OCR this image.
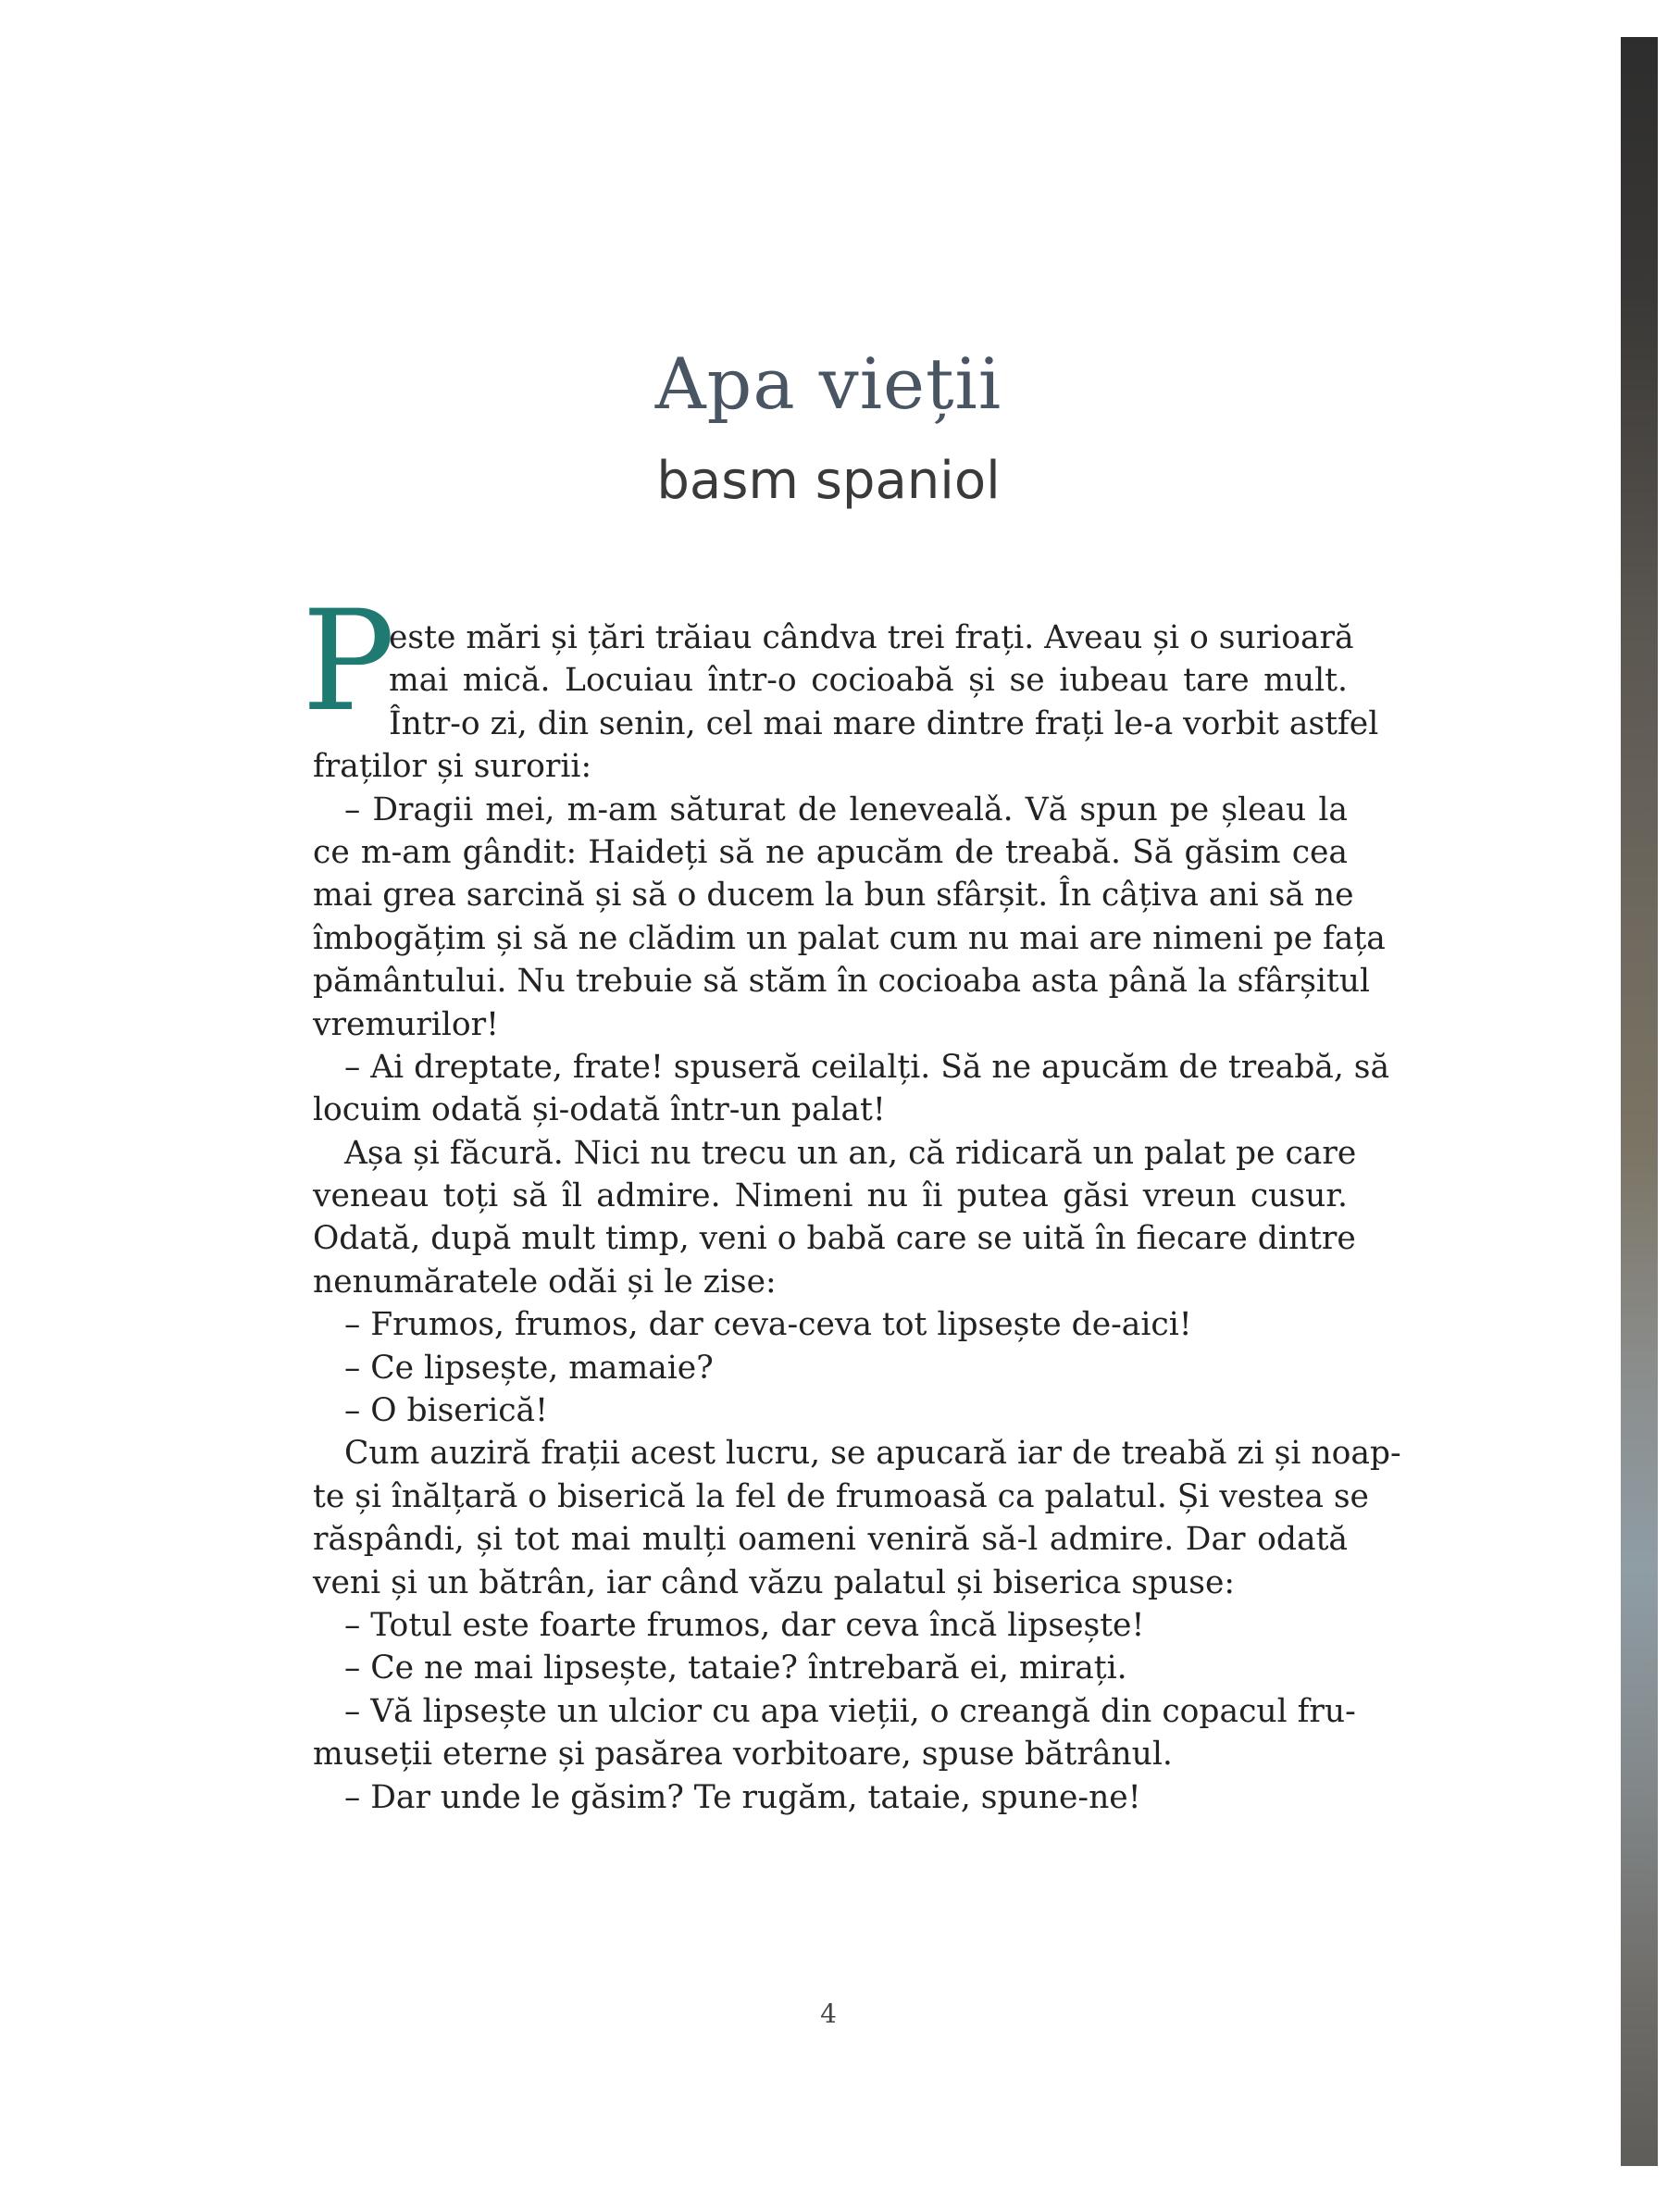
Apa vieții
basm spaniol
P
este mări și țări trăiau cândva trei frați. Aveau și o surioară
mai mică. Locuiau într-o cocioabă și se iubeau tare mult.
Într-o zi, din senin, cel mai mare dintre frați le-a vorbit astfel
fraților și surorii:
– Dragii mei, m-am săturat de lenevealǎ. Vă spun pe șleau la
ce m-am gândit: Haideți să ne apucăm de treabă. Să găsim cea
mai grea sarcină și să o ducem la bun sfârșit. În câțiva ani să ne
îmbogățim și să ne clădim un palat cum nu mai are nimeni pe fața
pământului. Nu trebuie să stăm în cocioaba asta până la sfârșitul
vremurilor!
– Ai dreptate, frate! spuseră ceilalți. Să ne apucăm de treabă, să
locuim odată și-odată într-un palat!
Așa și făcură. Nici nu trecu un an, că ridicară un palat pe care
veneau toți să îl admire. Nimeni nu îi putea găsi vreun cusur.
Odată, după mult timp, veni o babă care se uită în fiecare dintre
nenumăratele odăi și le zise:
– Frumos, frumos, dar ceva-ceva tot lipsește de-aici!
– Ce lipsește, mamaie?
– O biserică!
Cum auziră frații acest lucru, se apucară iar de treabă zi și noap-
te și înălțară o biserică la fel de frumoasă ca palatul. Și vestea se
răspândi, și tot mai mulți oameni veniră să-l admire. Dar odată
veni și un bătrân, iar când văzu palatul și biserica spuse:
– Totul este foarte frumos, dar ceva încă lipsește!
– Ce ne mai lipsește, tataie? întrebară ei, mirați.
– Vă lipsește un ulcior cu apa vieții, o creangă din copacul fru-
museții eterne și pasărea vorbitoare, spuse bătrânul.
– Dar unde le găsim? Te rugăm, tataie, spune-ne!
4
